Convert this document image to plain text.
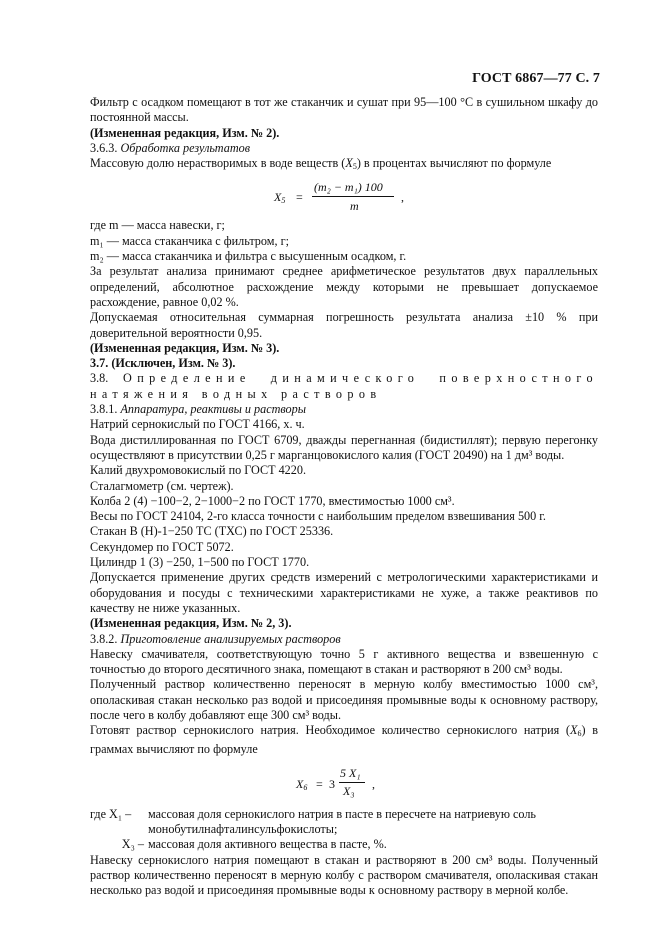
ГОСТ 6867—77 С. 7

Фильтр с осадком помещают в тот же стаканчик и сушат при 95—100 °С в сушильном шкафу до постоянной массы.

(Измененная редакция, Изм. № 2).

3.6.3. Обработка результатов

Массовую долю нерастворимых в воде веществ $(X_5)$ в процентах вычисляют по формуле

$X_5$ =
(m₂ − m₁) 100
m
,

где m — масса навески, г;

m₁ — масса стаканчика с фильтром, г;

m₂ — масса стаканчика и фильтра с высушенным осадком, г.

За результат анализа принимают среднее арифметическое результатов двух параллельных определений, абсолютное расхождение между которыми не превышает допускаемое расхождение, равное 0,02 %.

Допускаемая относительная суммарная погрешность результата анализа ±10 % при доверительной вероятности 0,95.

(Измененная редакция, Изм. № 3).

3.7. (Исключен, Изм. № 3).

3.8. Определение динамического поверхностного натяжения водных растворов

3.8.1. Аппаратура, реактивы и растворы

Натрий сернокислый по ГОСТ 4166, х. ч.

Вода дистиллированная по ГОСТ 6709, дважды перегнанная (бидистиллят); первую перегонку осуществляют в присутствии 0,25 г марганцовокислого калия (ГОСТ 20490) на 1 дм³ воды.

Калий двухромовокислый по ГОСТ 4220.

Сталагмометр (см. чертеж).

Колба 2 (4) −100−2, 2−1000−2 по ГОСТ 1770, вместимостью 1000 см³.

Весы по ГОСТ 24104, 2-го класса точности с наибольшим пределом взвешивания 500 г.

Стакан В (Н)-1−250 ТС (ТХС) по ГОСТ 25336.

Секундомер по ГОСТ 5072.

Цилиндр 1 (3) −250, 1−500 по ГОСТ 1770.

Допускается применение других средств измерений с метрологическими характеристиками и оборудования и посуды с техническими характеристиками не хуже, а также реактивов по качеству не ниже указанных.

(Измененная редакция, Изм. № 2, 3).

3.8.2. Приготовление анализируемых растворов

Навеску смачивателя, соответствующую точно 5 г активного вещества и взвешенную с точностью до второго десятичного знака, помещают в стакан и растворяют в 200 см³ воды.

Полученный раствор количественно переносят в мерную колбу вместимостью 1000 см³, ополаскивая стакан несколько раз водой и присоединяя промывные воды к основному раствору, после чего в колбу добавляют еще 300 см³ воды.

Готовят раствор сернокислого натрия. Необходимое количество сернокислого натрия $(X_6)$ в граммах вычисляют по формуле

$X_6 = 3$
5 X₁
X₃ ,
где X₁ –	массовая доля сернокислого натрия в пасте в пересчете на натриевую соль монобутилнафталинсульфокислоты;
X₃ – массовая доля активного вещества в пасте, %.

Навеску сернокислого натрия помещают в стакан и растворяют в 200 см³ воды. Полученный раствор количественно переносят в мерную колбу с раствором смачивателя, ополаскивая стакан несколько раз водой и присоединяя промывные воды к основному раствору в мерной колбе.
